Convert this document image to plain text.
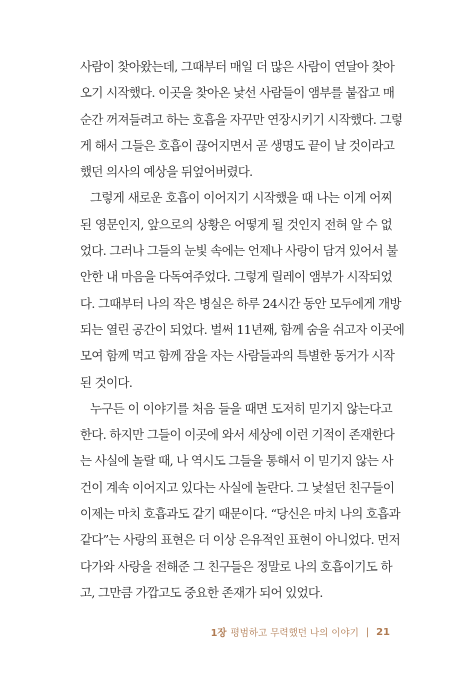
사람이 찾아왔는데, 그때부터 매일 더 많은 사람이 연달아 찾아
오기 시작했다. 이곳을 찾아온 낯선 사람들이 앰부를 붙잡고 매
순간 꺼져들려고 하는 호흡을 자꾸만 연장시키기 시작했다. 그렇
게 해서 그들은 호흡이 끊어지면서 곧 생명도 끝이 날 것이라고
했던 의사의 예상을 뒤엎어버렸다.
그렇게 새로운 호흡이 이어지기 시작했을 때 나는 이게 어찌
된 영문인지, 앞으로의 상황은 어떻게 될 것인지 전혀 알 수 없
었다. 그러나 그들의 눈빛 속에는 언제나 사랑이 담겨 있어서 불
안한 내 마음을 다독여주었다. 그렇게 릴레이 앰부가 시작되었
다. 그때부터 나의 작은 병실은 하루 24시간 동안 모두에게 개방
되는 열린 공간이 되었다. 벌써 11년째, 함께 숨을 쉬고자 이곳에
모여 함께 먹고 함께 잠을 자는 사람들과의 특별한 동거가 시작
된 것이다.
누구든 이 이야기를 처음 들을 때면 도저히 믿기지 않는다고
한다. 하지만 그들이 이곳에 와서 세상에 이런 기적이 존재한다
는 사실에 놀랄 때, 나 역시도 그들을 통해서 이 믿기지 않는 사
건이 계속 이어지고 있다는 사실에 놀란다. 그 낯설던 친구들이
이제는 마치 호흡과도 같기 때문이다. “당신은 마치 나의 호흡과
같다”는 사랑의 표현은 더 이상 은유적인 표현이 아니었다. 먼저
다가와 사랑을 전해준 그 친구들은 정말로 나의 호흡이기도 하
고, 그만큼 가깝고도 중요한 존재가 되어 있었다.
1장 평범하고 무력했던 나의 이야기 | 21
